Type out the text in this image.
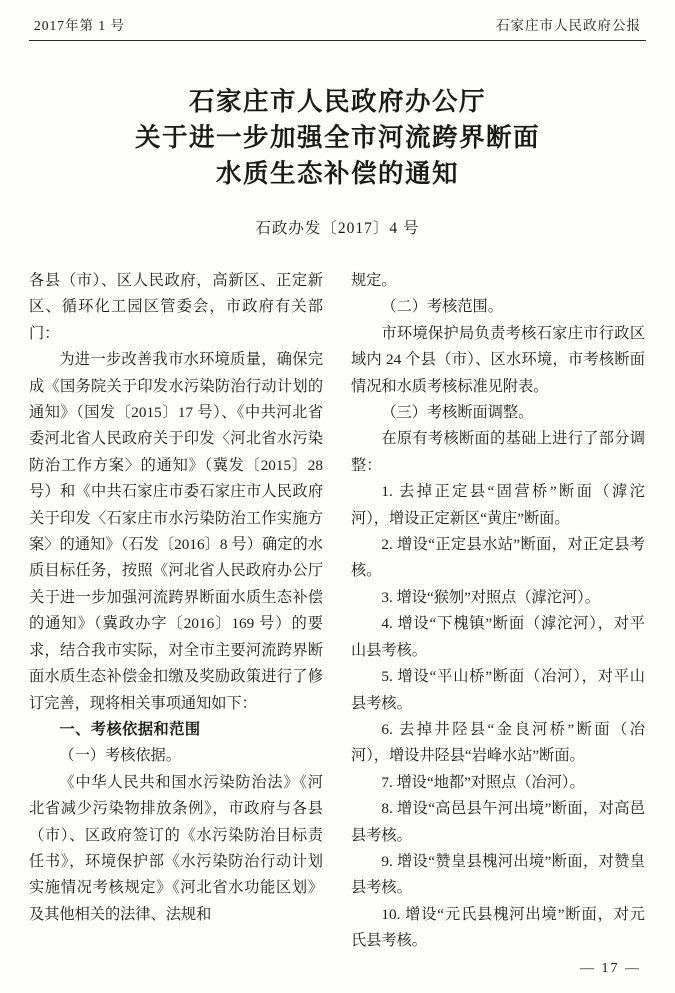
2017年第 1 号	石家庄市人民政府公报
石家庄市人民政府办公厅
关于进一步加强全市河流跨界断面
水质生态补偿的通知
石政办发〔2017〕4 号

各县（市）、区人民政府，高新区、正定新区、循环化工园区管委会，市政府有关部门：

为进一步改善我市水环境质量，确保完成《国务院关于印发水污染防治行动计划的通知》（国发〔2015〕17 号）、《中共河北省委河北省人民政府关于印发〈河北省水污染防治工作方案〉的通知》（冀发〔2015〕28 号）和《中共石家庄市委石家庄市人民政府关于印发〈石家庄市水污染防治工作实施方案〉的通知》（石发〔2016〕8 号）确定的水质目标任务，按照《河北省人民政府办公厅关于进一步加强河流跨界断面水质生态补偿的通知》（冀政办字〔2016〕169 号）的要求，结合我市实际，对全市主要河流跨界断面水质生态补偿金扣缴及奖励政策进行了修订完善，现将相关事项通知如下：

一、考核依据和范围

（一）考核依据。

《中华人民共和国水污染防治法》《河北省减少污染物排放条例》，市政府与各县（市）、区政府签订的《水污染防治目标责任书》，环境保护部《水污染防治行动计划实施情况考核规定》《河北省水功能区划》及其他相关的法律、法规和

规定。

（二）考核范围。

市环境保护局负责考核石家庄市行政区域内 24 个县（市）、区水环境，市考核断面情况和水质考核标准见附表。

（三）考核断面调整。

在原有考核断面的基础上进行了部分调整：

1. 去掉正定县“固营桥”断面（滹沱河），增设正定新区“黄庄”断面。

2. 增设“正定县水站”断面，对正定县考核。

3. 增设“猴刎”对照点（滹沱河）。

4. 增设“下槐镇”断面（滹沱河），对平山县考核。

5. 增设“平山桥”断面（冶河），对平山县考核。

6. 去掉井陉县“金良河桥”断面（冶河），增设井陉县“岩峰水站”断面。

7. 增设“地都”对照点（冶河）。

8. 增设“高邑县午河出境”断面，对高邑县考核。

9. 增设“赞皇县槐河出境”断面，对赞皇县考核。

10. 增设“元氏县槐河出境”断面，对元氏县考核。

— 17 —
